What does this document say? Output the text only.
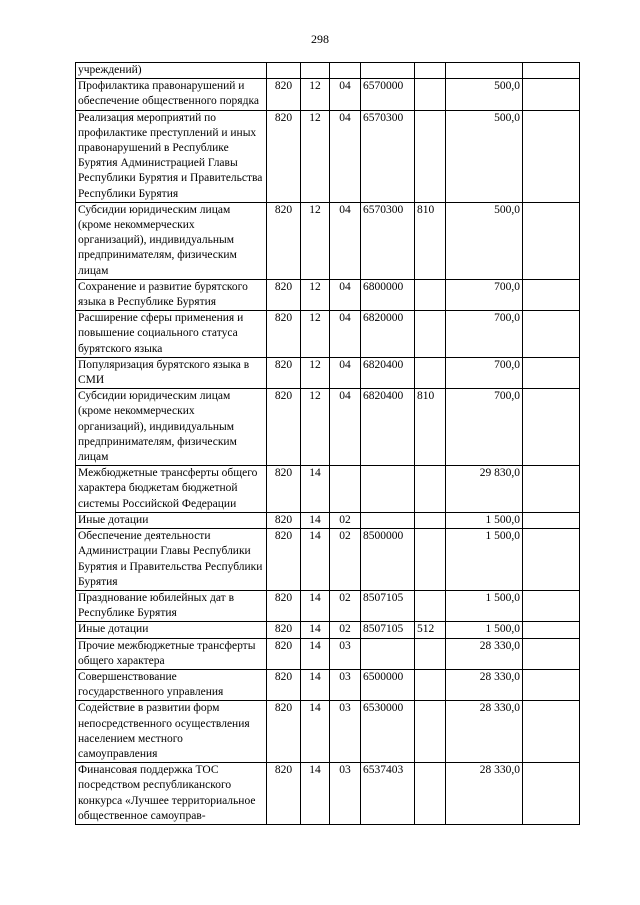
298
учреждений)							
Профилактика правонарушений и обеспечение общественного порядка	820	12	04	6570000		500,0	
Реализация мероприятий по профилактике преступлений и иных правонарушений в Республике Бурятия Администрацией Главы Республики Бурятия и Правительства Республики Бурятия	820	12	04	6570300		500,0	
Субсидии юридическим лицам (кроме некоммерческих организаций), индивидуальным предпринимателям, физическим лицам	820	12	04	6570300	810	500,0	
Сохранение и развитие бурятского языка в Республике Бурятия	820	12	04	6800000		700,0	
Расширение сферы применения и повышение социального статуса бурятского языка	820	12	04	6820000		700,0	
Популяризация бурятского языка в СМИ	820	12	04	6820400		700,0	
Субсидии юридическим лицам (кроме некоммерческих организаций), индивидуальным предпринимателям, физическим лицам	820	12	04	6820400	810	700,0	
Межбюджетные трансферты общего характера бюджетам бюджетной системы Российской Федерации	820	14				29 830,0	
Иные дотации	820	14	02			1 500,0	
Обеспечение деятельности Администрации Главы Республики Бурятия и Правительства Республики Бурятия	820	14	02	8500000		1 500,0	
Празднование юбилейных дат в Республике Бурятия	820	14	02	8507105		1 500,0	
Иные дотации	820	14	02	8507105	512	1 500,0	
Прочие межбюджетные трансферты общего характера	820	14	03			28 330,0	
Совершенствование государственного управления	820	14	03	6500000		28 330,0	
Содействие в развитии форм непосредственного осуществления населением местного самоуправления	820	14	03	6530000		28 330,0	
Финансовая поддержка ТОС посредством республиканского конкурса «Лучшее территориальное общественное самоуправ-	820	14	03	6537403		28 330,0	
